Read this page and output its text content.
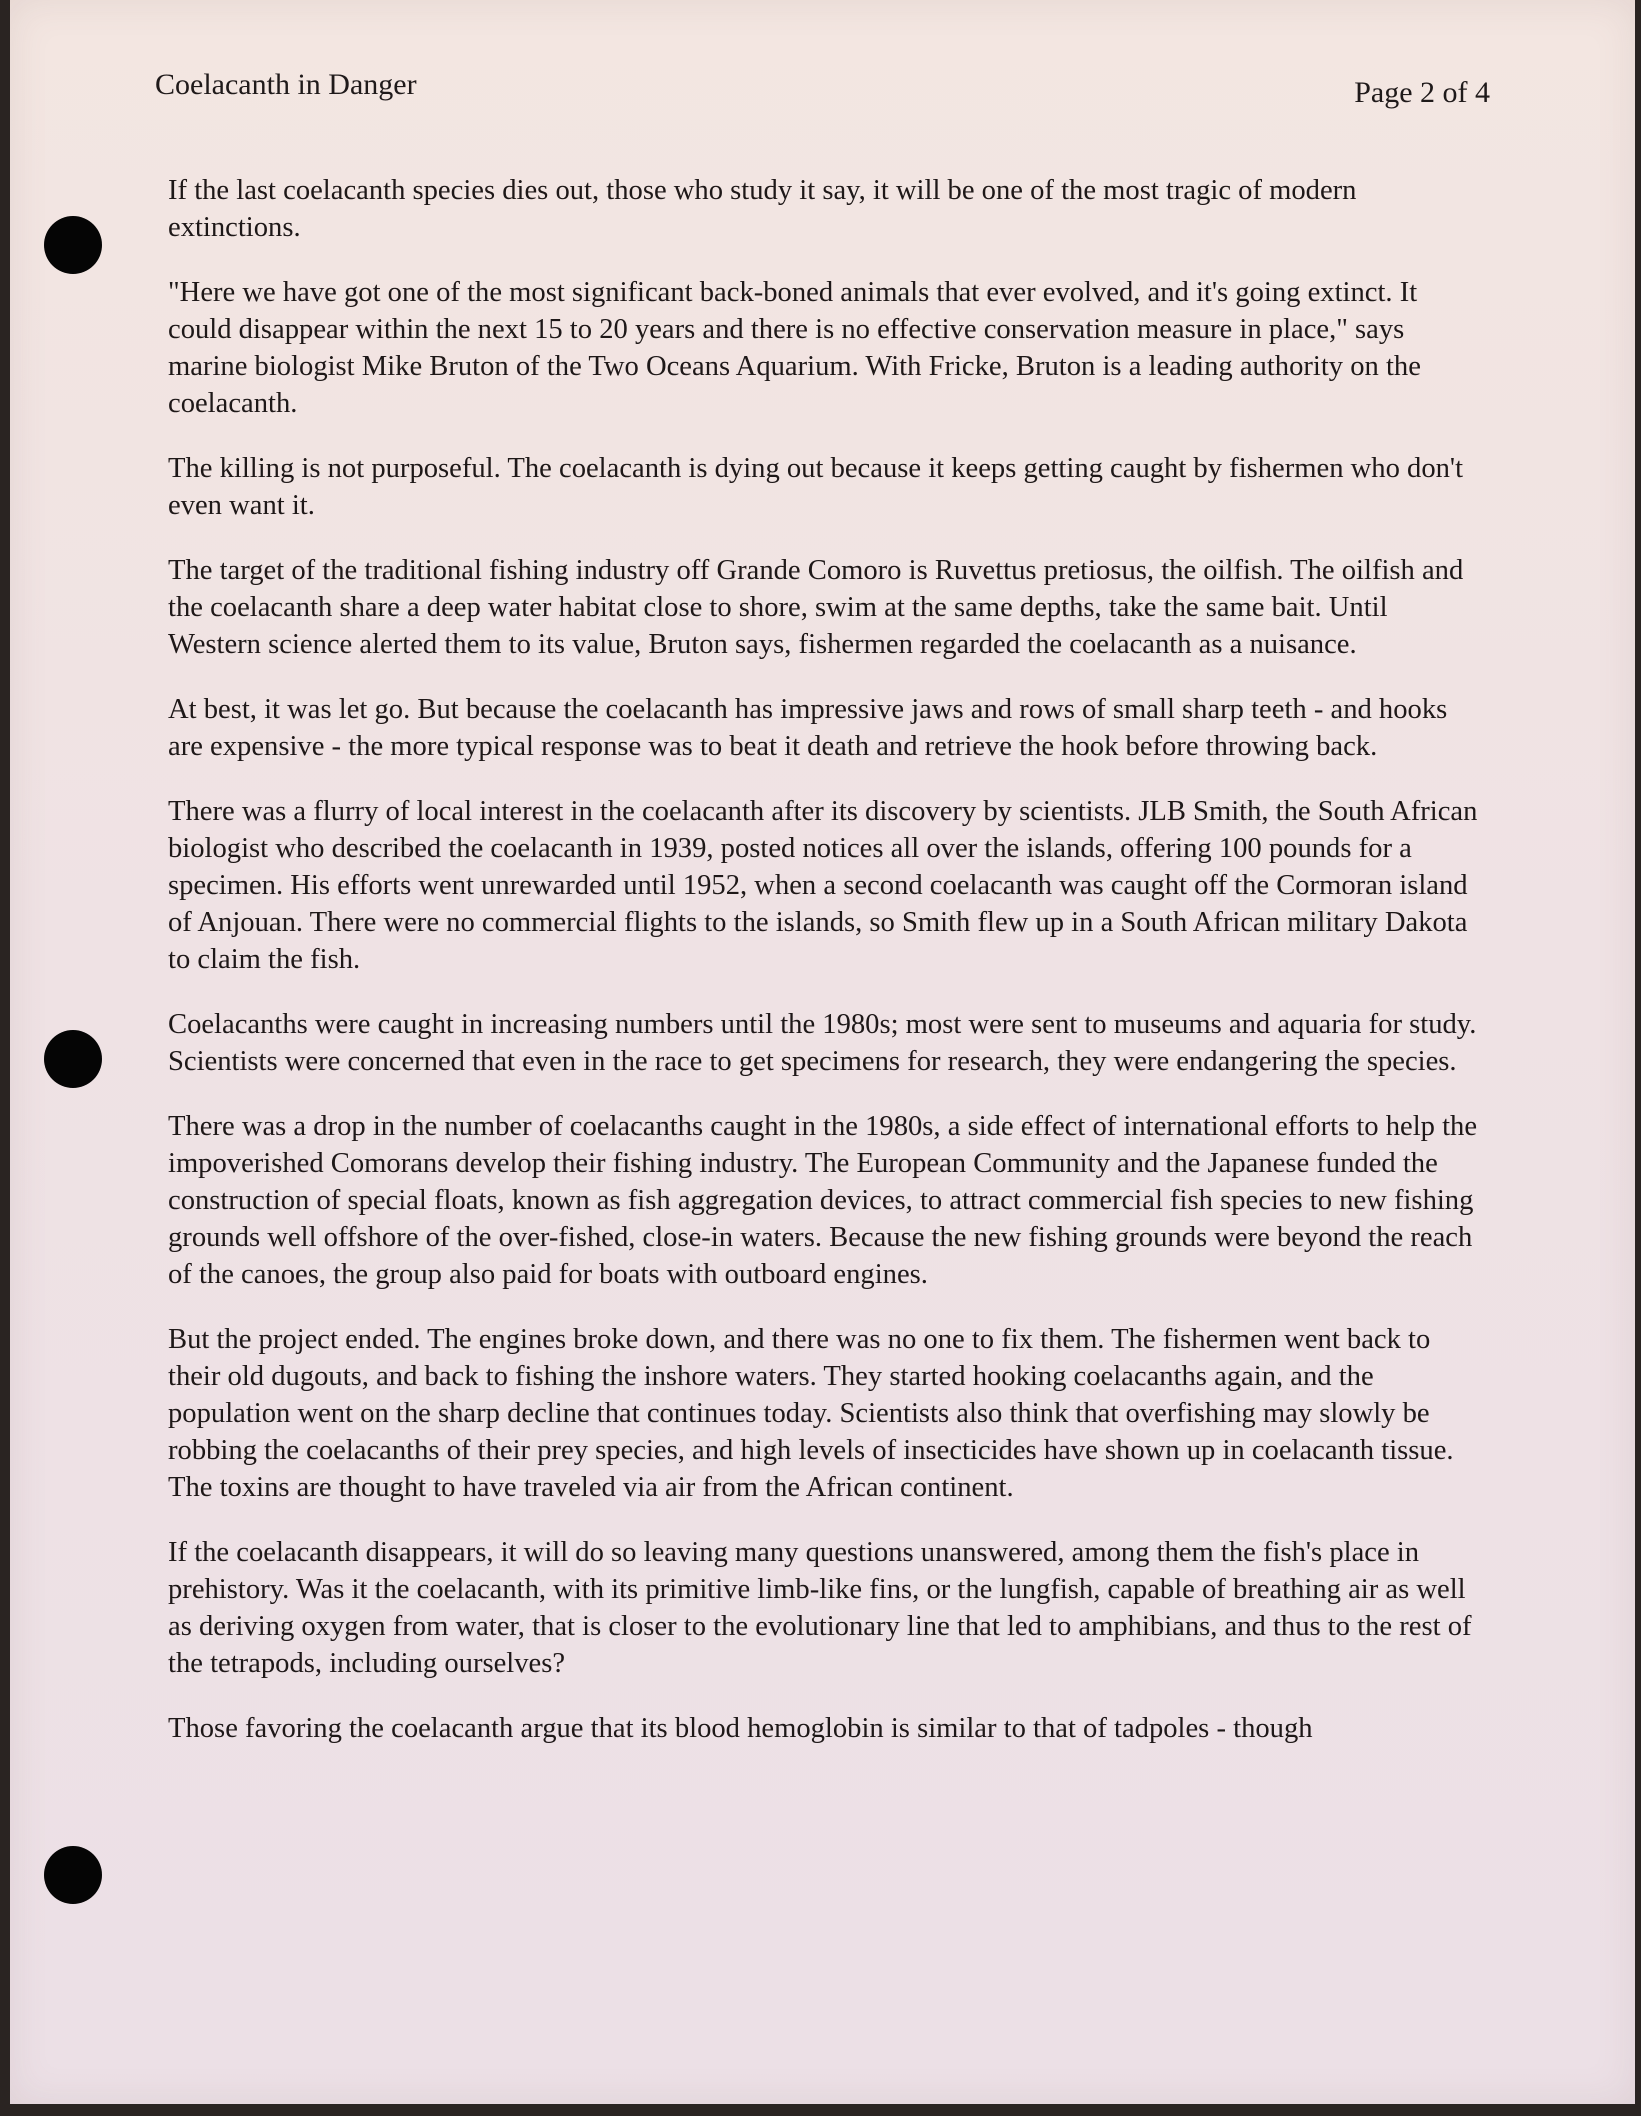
Coelacanth in Danger	Page 2 of 4

If the last coelacanth species dies out, those who study it say, it will be one of the most tragic of modern extinctions.

"Here we have got one of the most significant back-boned animals that ever evolved, and it's going extinct. It could disappear within the next 15 to 20 years and there is no effective conservation measure in place," says marine biologist Mike Bruton of the Two Oceans Aquarium. With Fricke, Bruton is a leading authority on the coelacanth.

The killing is not purposeful. The coelacanth is dying out because it keeps getting caught by fishermen who don't even want it.

The target of the traditional fishing industry off Grande Comoro is Ruvettus pretiosus, the oilfish. The oilfish and the coelacanth share a deep water habitat close to shore, swim at the same depths, take the same bait. Until Western science alerted them to its value, Bruton says, fishermen regarded the coelacanth as a nuisance.

At best, it was let go. But because the coelacanth has impressive jaws and rows of small sharp teeth - and hooks are expensive - the more typical response was to beat it death and retrieve the hook before throwing back.

There was a flurry of local interest in the coelacanth after its discovery by scientists. JLB Smith, the South African biologist who described the coelacanth in 1939, posted notices all over the islands, offering 100 pounds for a specimen. His efforts went unrewarded until 1952, when a second coelacanth was caught off the Cormoran island of Anjouan. There were no commercial flights to the islands, so Smith flew up in a South African military Dakota to claim the fish.

Coelacanths were caught in increasing numbers until the 1980s; most were sent to museums and aquaria for study. Scientists were concerned that even in the race to get specimens for research, they were endangering the species.

There was a drop in the number of coelacanths caught in the 1980s, a side effect of international efforts to help the impoverished Comorans develop their fishing industry. The European Community and the Japanese funded the construction of special floats, known as fish aggregation devices, to attract commercial fish species to new fishing grounds well offshore of the over-fished, close-in waters. Because the new fishing grounds were beyond the reach of the canoes, the group also paid for boats with outboard engines.

But the project ended. The engines broke down, and there was no one to fix them. The fishermen went back to their old dugouts, and back to fishing the inshore waters. They started hooking coelacanths again, and the population went on the sharp decline that continues today. Scientists also think that overfishing may slowly be robbing the coelacanths of their prey species, and high levels of insecticides have shown up in coelacanth tissue. The toxins are thought to have traveled via air from the African continent.

If the coelacanth disappears, it will do so leaving many questions unanswered, among them the fish's place in prehistory. Was it the coelacanth, with its primitive limb-like fins, or the lungfish, capable of breathing air as well as deriving oxygen from water, that is closer to the evolutionary line that led to amphibians, and thus to the rest of the tetrapods, including ourselves?

Those favoring the coelacanth argue that its blood hemoglobin is similar to that of tadpoles - though
